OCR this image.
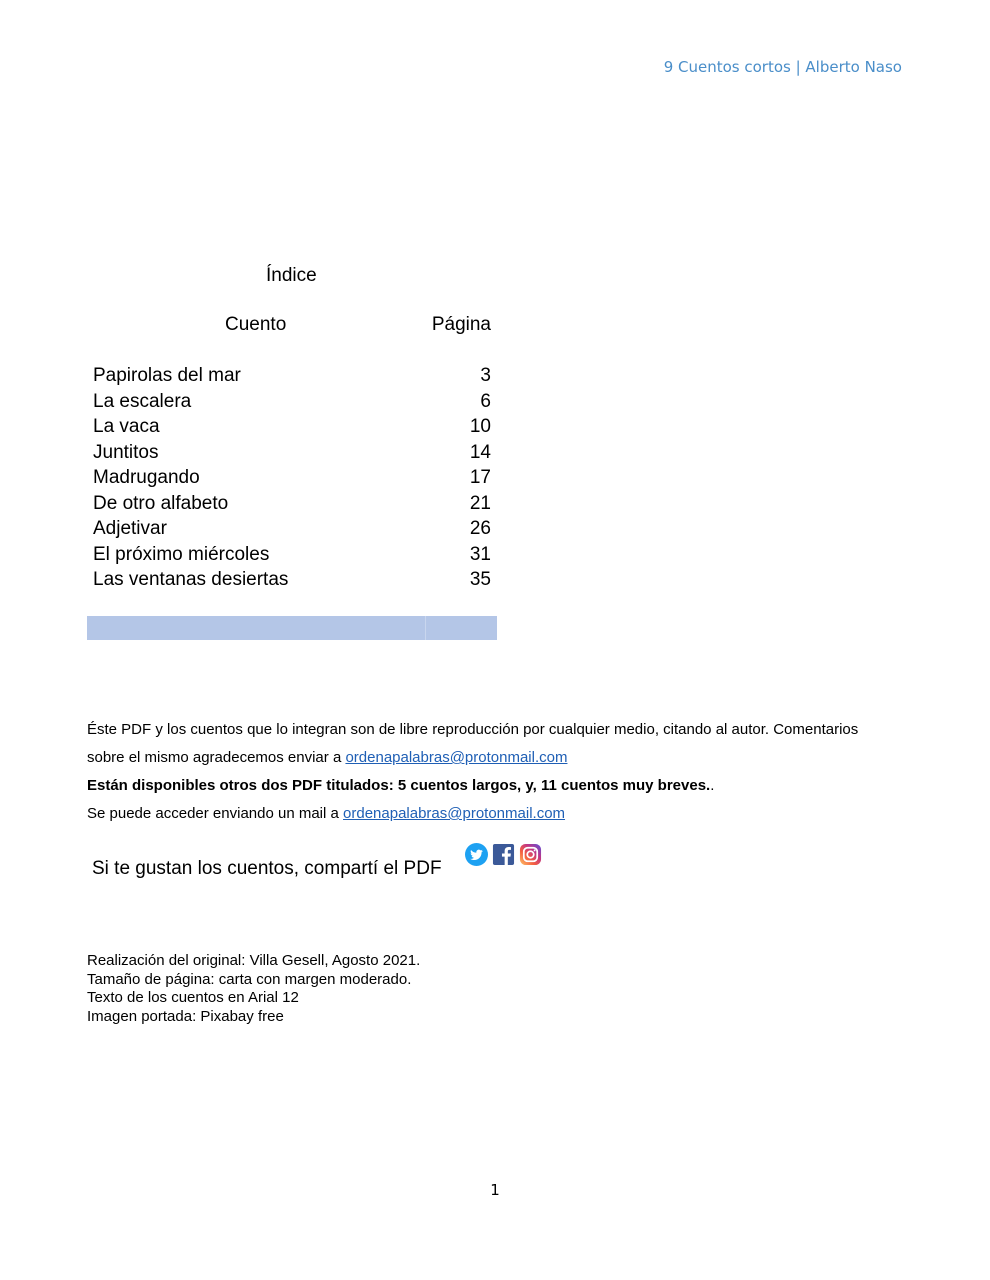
9 Cuentos cortos | Alberto Naso
Índice
Cuento	Página
Papirolas del mar	3
La escalera	6
La vaca	10
Juntitos	14
Madrugando	17
De otro alfabeto	21
Adjetivar	26
El próximo miércoles	31
Las ventanas desiertas	35

Éste PDF y los cuentos que lo integran son de libre reproducción por cualquier medio, citando al autor. Comentarios

sobre el mismo agradecemos enviar a ordenapalabras@protonmail.com

Están disponibles otros dos PDF titulados: 5 cuentos largos, y, 11 cuentos muy breves..

Se puede acceder enviando un mail a ordenapalabras@protonmail.com

Si te gustan los cuentos, compartí el PDF
Realización del original: Villa Gesell, Agosto 2021.
Tamaño de página: carta con margen moderado.
Texto de los cuentos en Arial 12
Imagen portada: Pixabay free
1
